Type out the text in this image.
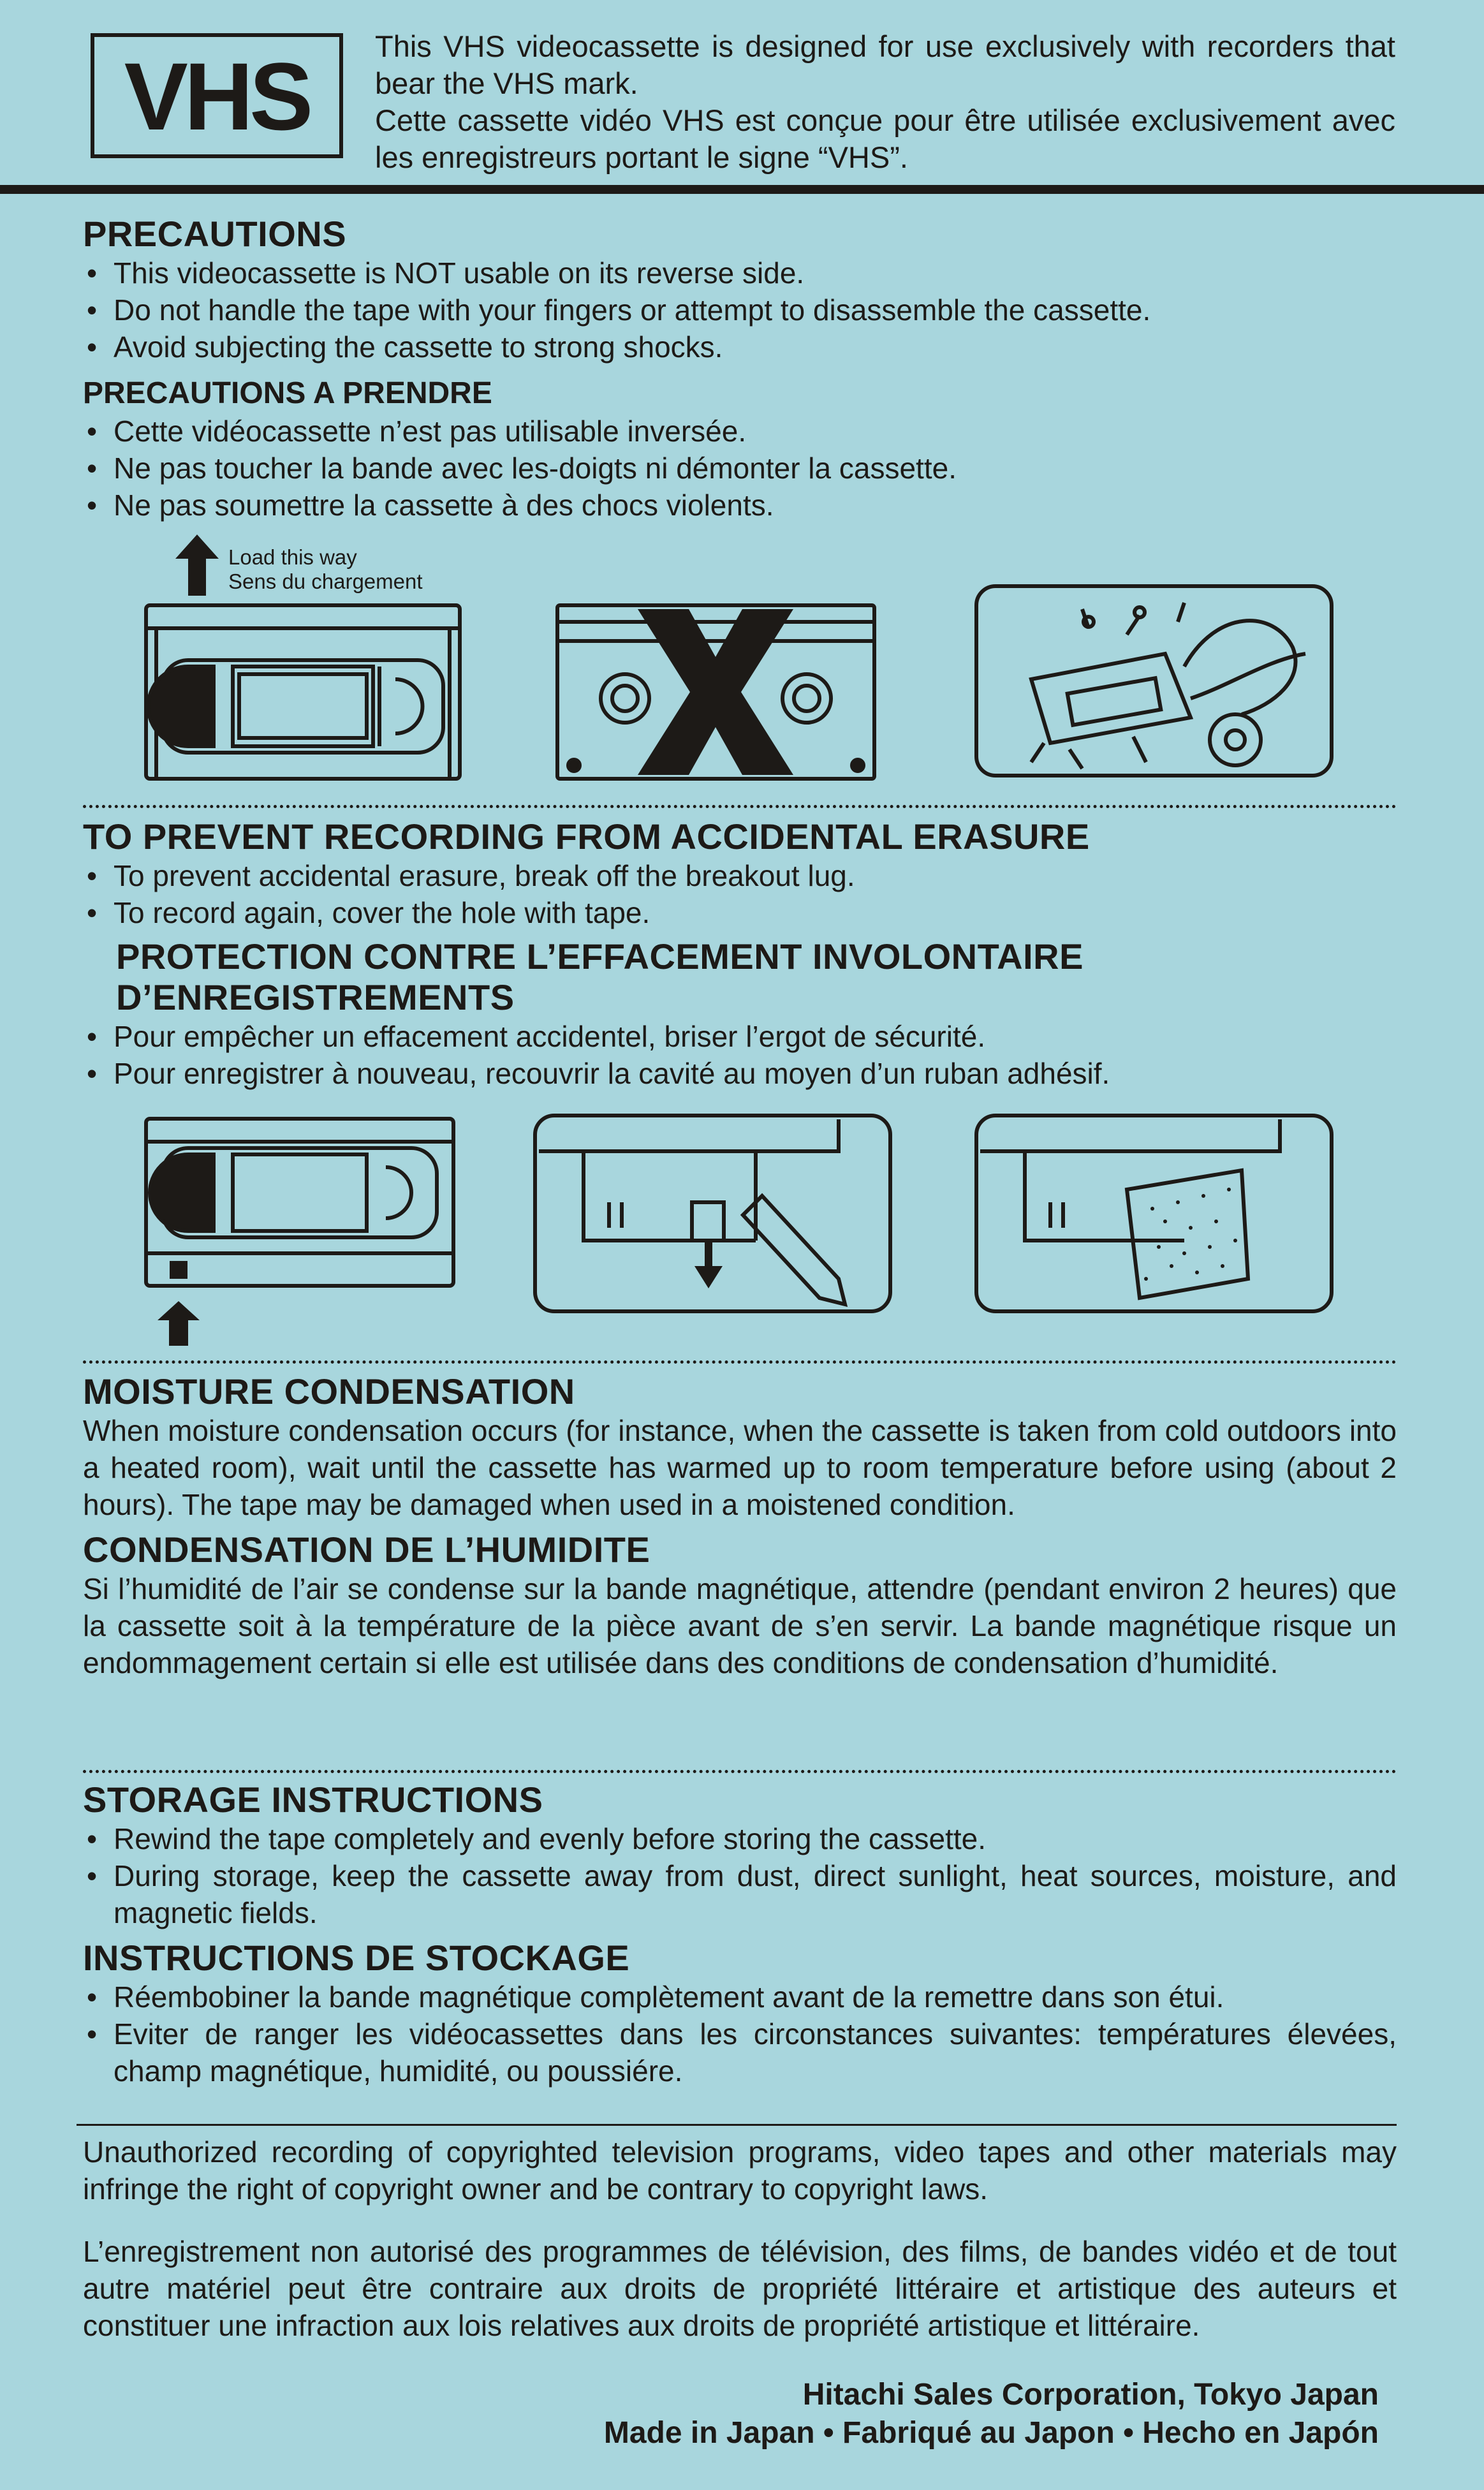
VHS This VHS videocassette is designed for use exclusively with recorders that bear the VHS mark.

Cette cassette vidéo VHS est conçue pour être utilisée exclusivement avec les enregistreurs portant le signe “VHS”.

PRECAUTIONS
• This videocassette is NOT usable on its reverse side.
• Do not handle the tape with your fingers or attempt to disassemble the cassette.
• Avoid subjecting the cassette to strong shocks.
PRECAUTIONS A PRENDRE
• Cette vidéocassette n’est pas utilisable inversée.
• Ne pas toucher la bande avec les-doigts ni démonter la cassette.
• Ne pas soumettre la cassette à des chocs violents.
Load this way
Sens du chargement
TO PREVENT RECORDING FROM ACCIDENTAL ERASURE
• To prevent accidental erasure, break off the breakout lug.
• To record again, cover the hole with tape.
PROTECTION CONTRE L’EFFACEMENT INVOLONTAIRE
D’ENREGISTREMENTS
• Pour empêcher un effacement accidentel, briser l’ergot de sécurité.
• Pour enregistrer à nouveau, recouvrir la cavité au moyen d’un ruban adhésif.
MOISTURE CONDENSATION

When moisture condensation occurs (for instance, when the cassette is taken from cold outdoors into a heated room), wait until the cassette has warmed up to room temperature before using (about 2 hours). The tape may be damaged when used in a moistened condition.

CONDENSATION DE L’HUMIDITE

Si l’humidité de l’air se condense sur la bande magnétique, attendre (pendant environ 2 heures) que la cassette soit à la température de la pièce avant de s’en servir. La bande magnétique risque un endommagement certain si elle est utilisée dans des conditions de condensation d’humidité.

STORAGE INSTRUCTIONS
• Rewind the tape completely and evenly before storing the cassette.
• During storage, keep the cassette away from dust, direct sunlight, heat sources, moisture, and magnetic fields.
INSTRUCTIONS DE STOCKAGE
• Réembobiner la bande magnétique complètement avant de la remettre dans son étui.
• Eviter de ranger les vidéocassettes dans les circonstances suivantes: températures élevées, champ magnétique, humidité, ou poussiére.

Unauthorized recording of copyrighted television programs, video tapes and other materials may infringe the right of copyright owner and be contrary to copyright laws.

L’enregistrement non autorisé des programmes de télévision, des films, de bandes vidéo et de tout autre matériel peut être contraire aux droits de propriété littéraire et artistique des auteurs et constituer une infraction aux lois relatives aux droits de propriété artistique et littéraire.

Hitachi Sales Corporation, Tokyo Japan
Made in Japan • Fabriqué au Japon • Hecho en Japón
